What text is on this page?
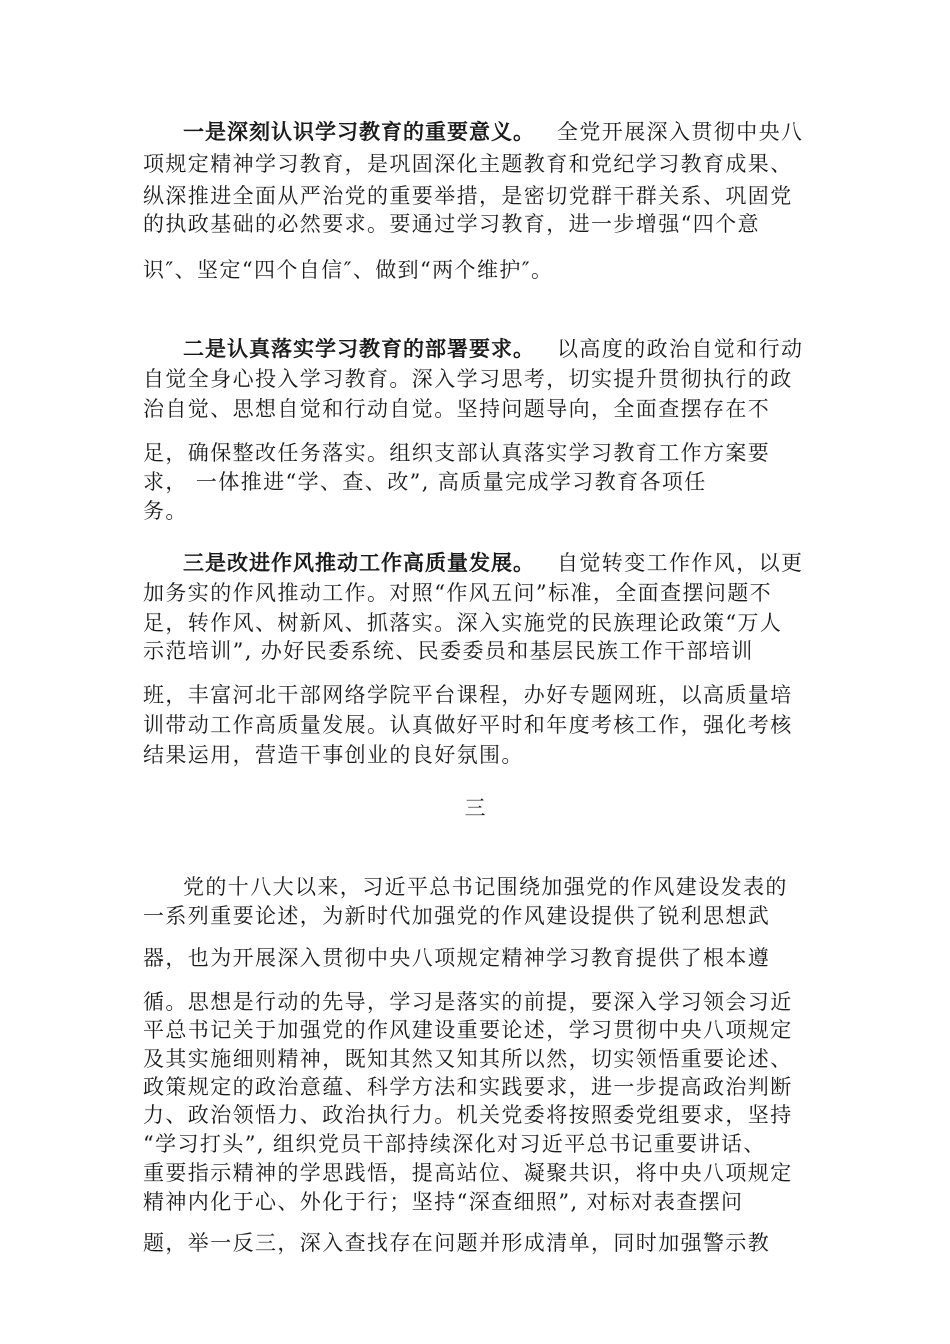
一是深刻认识学习教育的重要意义。 全党开展深入贯彻中央八
项规定精神学习教育，是巩固深化主题教育和党纪学习教育成果、
纵深推进全面从严治党的重要举措，是密切党群干群关系、巩固党
的执政基础的必然要求。要通过学习教育，进一步增强“四个意
识″、坚定“四个自信″、做到“两个维护″。
二是认真落实学习教育的部署要求。 以高度的政治自觉和行动
自觉全身心投入学习教育。深入学习思考，切实提升贯彻执行的政
治自觉、思想自觉和行动自觉。坚持问题导向，全面查摆存在不
足，确保整改任务落实。组织支部认真落实学习教育工作方案要
求， 一体推进“学、查、改”, 高质量完成学习教育各项任
务。
三是改进作风推动工作高质量发展。 自觉转变工作作风，以更
加务实的作风推动工作。对照“作风五问”标准，全面查摆问题不
足，转作风、树新风、抓落实。深入实施党的民族理论政策“万人
示范培训”, 办好民委系统、民委委员和基层民族工作干部培训
班，丰富河北干部网络学院平台课程，办好专题网班，以高质量培
训带动工作高质量发展。认真做好平时和年度考核工作，强化考核
结果运用，营造干事创业的良好氛围。
三
党的十八大以来，习近平总书记围绕加强党的作风建设发表的
一系列重要论述，为新时代加强党的作风建设提供了锐利思想武
器，也为开展深入贯彻中央八项规定精神学习教育提供了根本遵
循。思想是行动的先导，学习是落实的前提，要深入学习领会习近
平总书记关于加强党的作风建设重要论述，学习贯彻中央八项规定
及其实施细则精神，既知其然又知其所以然，切实领悟重要论述、
政策规定的政治意蕴、科学方法和实践要求，进一步提高政治判断
力、政治领悟力、政治执行力。机关党委将按照委党组要求，坚持
“学习打头”, 组织党员干部持续深化对习近平总书记重要讲话、
重要指示精神的学思践悟，提高站位、凝聚共识，将中央八项规定
精神内化于心、外化于行；坚持“深查细照”, 对标对表查摆问
题，举一反三，深入查找存在问题并形成清单，同时加强警示教
